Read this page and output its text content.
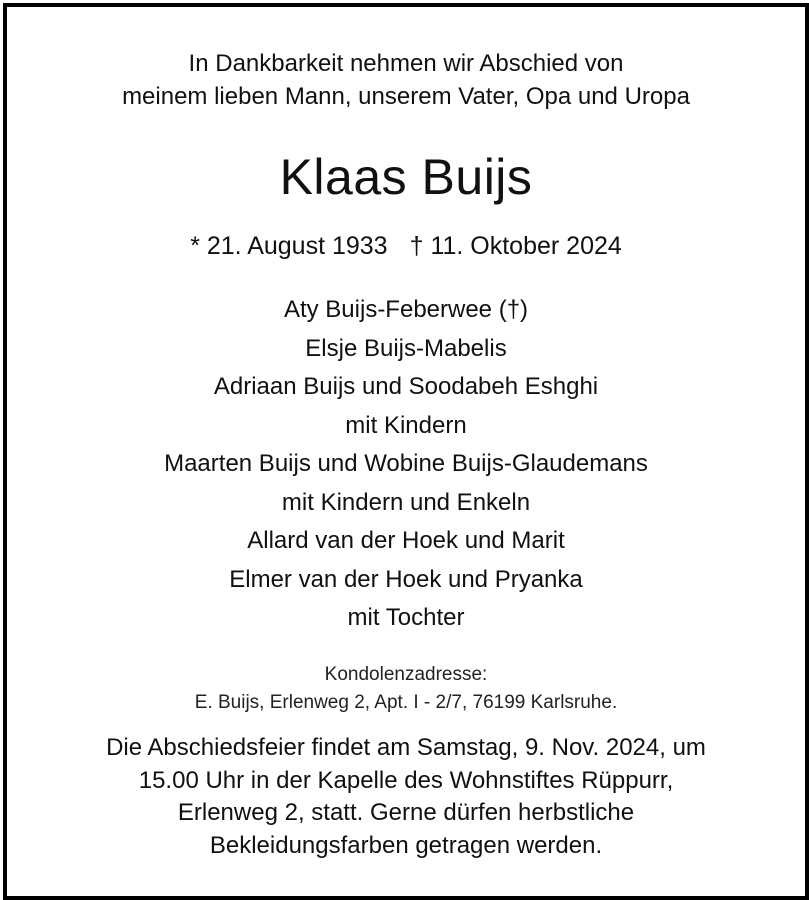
In Dankbarkeit nehmen wir Abschied von
meinem lieben Mann, unserem Vater, Opa und Uropa

Klaas Buijs
* 21. August 1933 † 11. Oktober 2024
Aty Buijs-Feberwee (†)
Elsje Buijs-Mabelis
Adriaan Buijs und Soodabeh Eshghi
mit Kindern
Maarten Buijs und Wobine Buijs-Glaudemans
mit Kindern und Enkeln
Allard van der Hoek und Marit
Elmer van der Hoek und Pryanka
mit Tochter
Kondolenzadresse:
E. Buijs, Erlenweg 2, Apt. I - 2/7, 76199 Karlsruhe.

Die Abschiedsfeier findet am Samstag, 9. Nov. 2024, um
15.00 Uhr in der Kapelle des Wohnstiftes Rüppurr,
Erlenweg 2, statt. Gerne dürfen herbstliche
Bekleidungsfarben getragen werden.
